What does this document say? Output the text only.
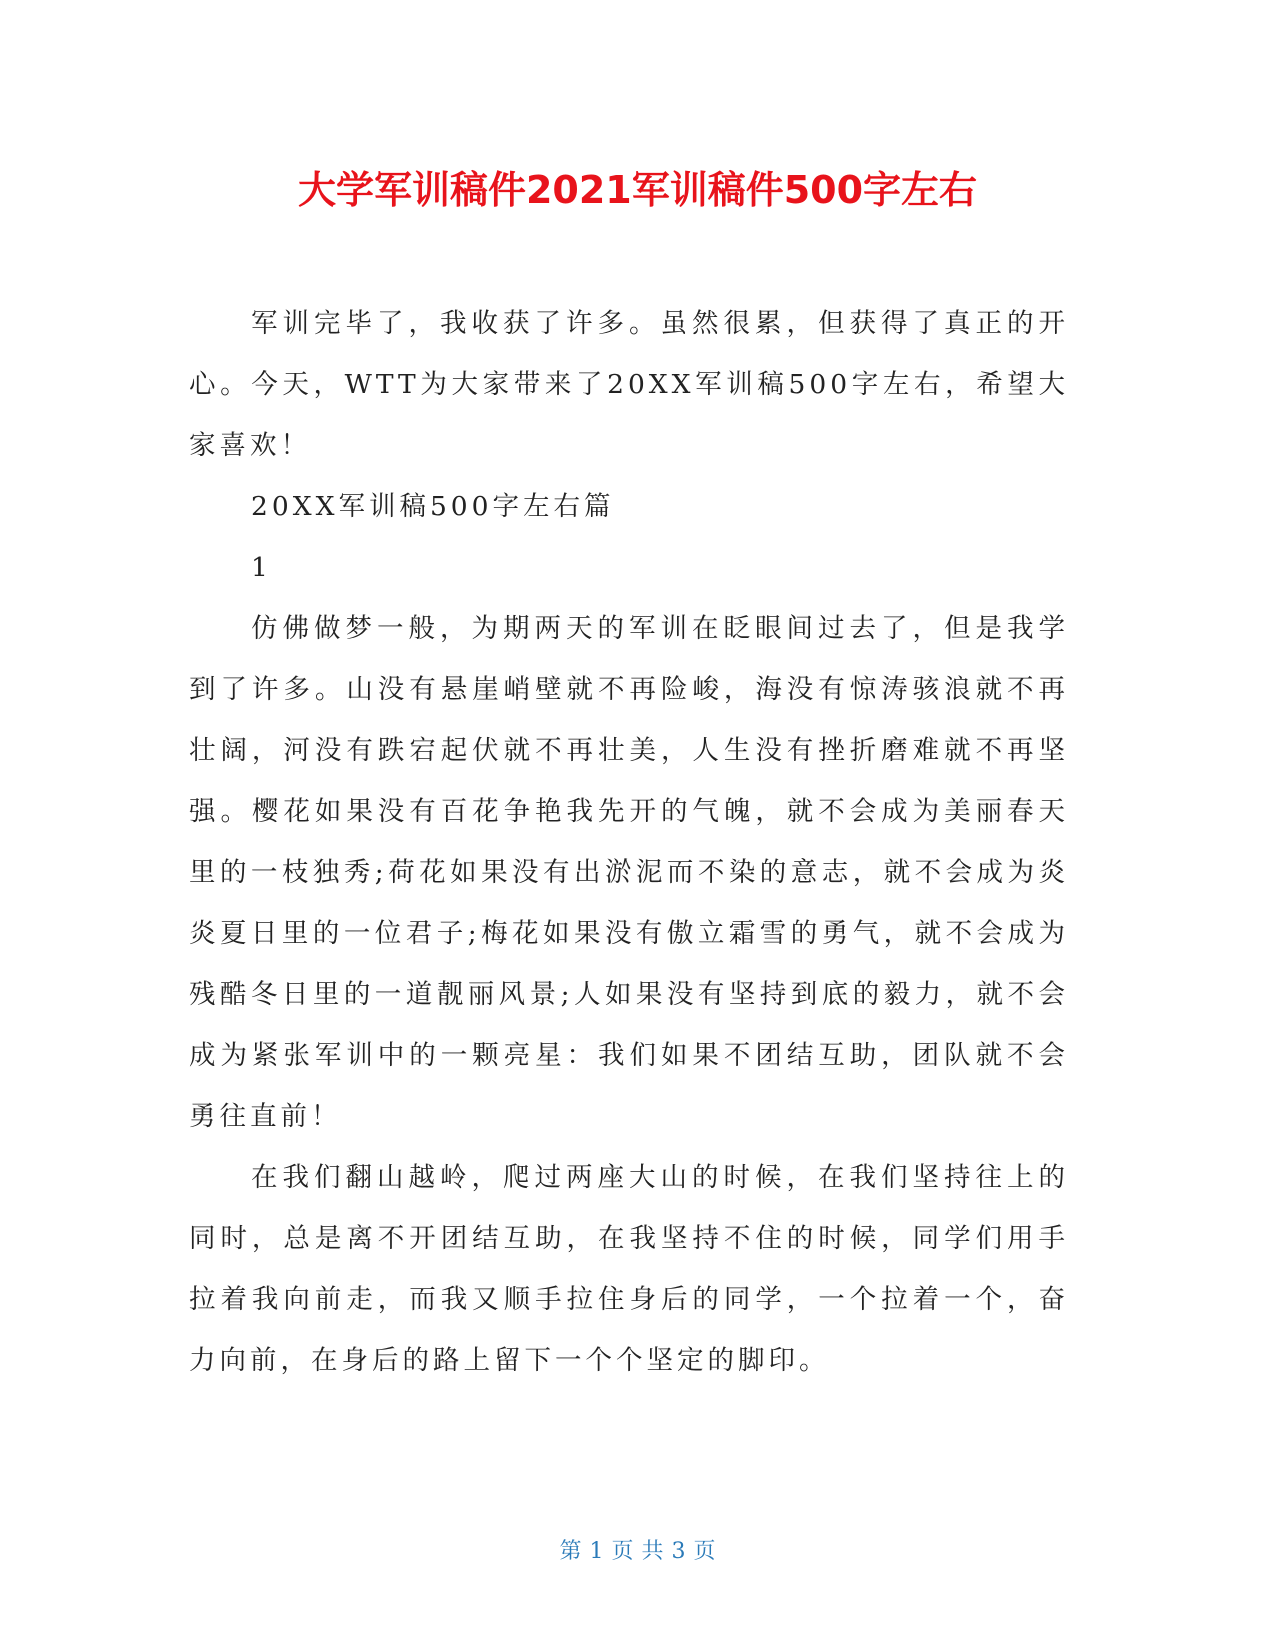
大学军训稿件2021军训稿件500字左右

军训完毕了，我收获了许多。虽然很累，但获得了真正的开心。今天，WTT为大家带来了20XX军训稿500字左右，希望大家喜欢！

20XX军训稿500字左右篇

1

仿佛做梦一般，为期两天的军训在眨眼间过去了，但是我学到了许多。山没有悬崖峭壁就不再险峻，海没有惊涛骇浪就不再壮阔，河没有跌宕起伏就不再壮美，人生没有挫折磨难就不再坚强。樱花如果没有百花争艳我先开的气魄，就不会成为美丽春天里的一枝独秀;荷花如果没有出淤泥而不染的意志，就不会成为炎炎夏日里的一位君子;梅花如果没有傲立霜雪的勇气，就不会成为残酷冬日里的一道靓丽风景;人如果没有坚持到底的毅力，就不会成为紧张军训中的一颗亮星：我们如果不团结互助，团队就不会勇往直前！

在我们翻山越岭，爬过两座大山的时候，在我们坚持往上的同时，总是离不开团结互助，在我坚持不住的时候，同学们用手拉着我向前走，而我又顺手拉住身后的同学，一个拉着一个，奋力向前，在身后的路上留下一个个坚定的脚印。

第 1 页 共 3 页
